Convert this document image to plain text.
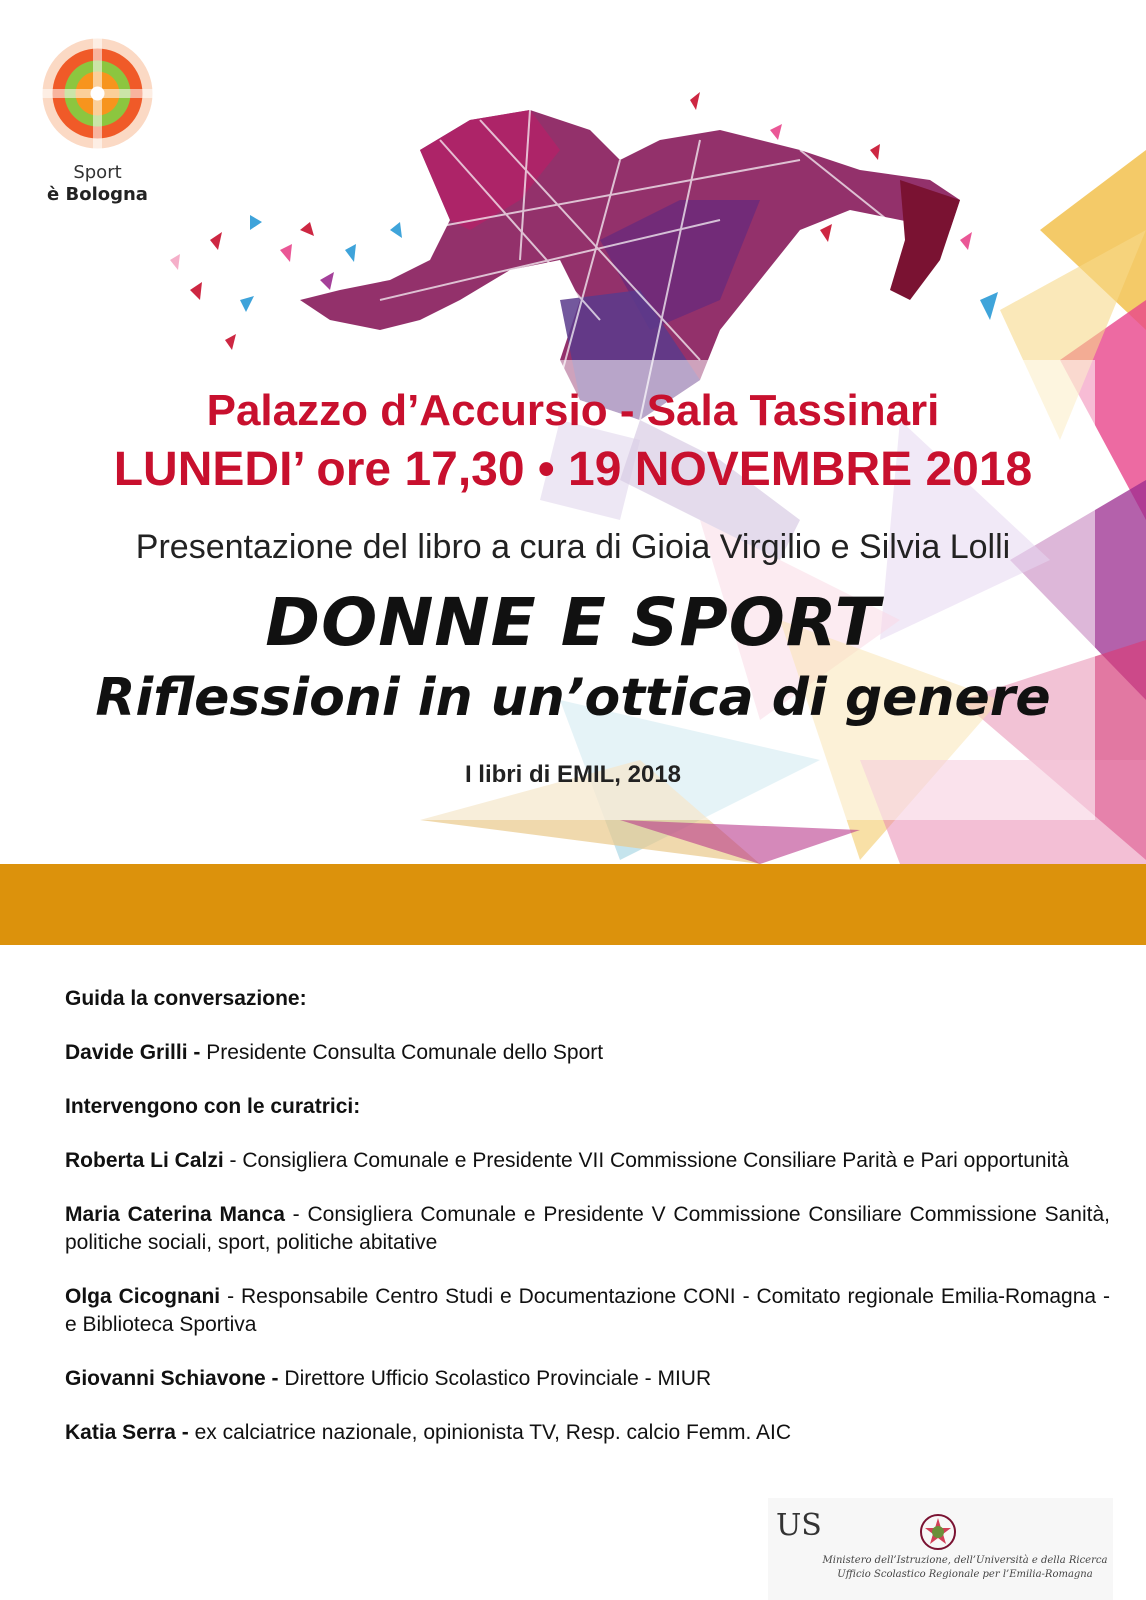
Sport
è Bologna
Palazzo d’Accursio - Sala Tassinari
LUNEDI’ ore 17,30 • 19 NOVEMBRE 2018
Presentazione del libro a cura di Gioia Virgilio e Silvia Lolli
DONNE E SPORT
Riflessioni in un’ottica di genere
I libri di EMIL, 2018

Guida la conversazione:

Davide Grilli - Presidente Consulta Comunale dello Sport

Intervengono con le curatrici:

Roberta Li Calzi - Consigliera Comunale e Presidente VII Commissione Consiliare Parità e Pari opportunità

Maria Caterina Manca - Consigliera Comunale e Presidente V Commissione Consiliare Commissione Sanità, politiche sociali, sport, politiche abitative

Olga Cicognani - Responsabile Centro Studi e Documentazione CONI - Comitato regionale Emilia-Romagna - e Biblioteca Sportiva

Giovanni Schiavone - Direttore Ufficio Scolastico Provinciale - MIUR

Katia Serra - ex calciatrice nazionale, opinionista TV, Resp. calcio Femm. AIC

US
Ministero dell’Istruzione, dell’Università e della Ricerca
Ufficio Scolastico Regionale per l’Emilia-Romagna
